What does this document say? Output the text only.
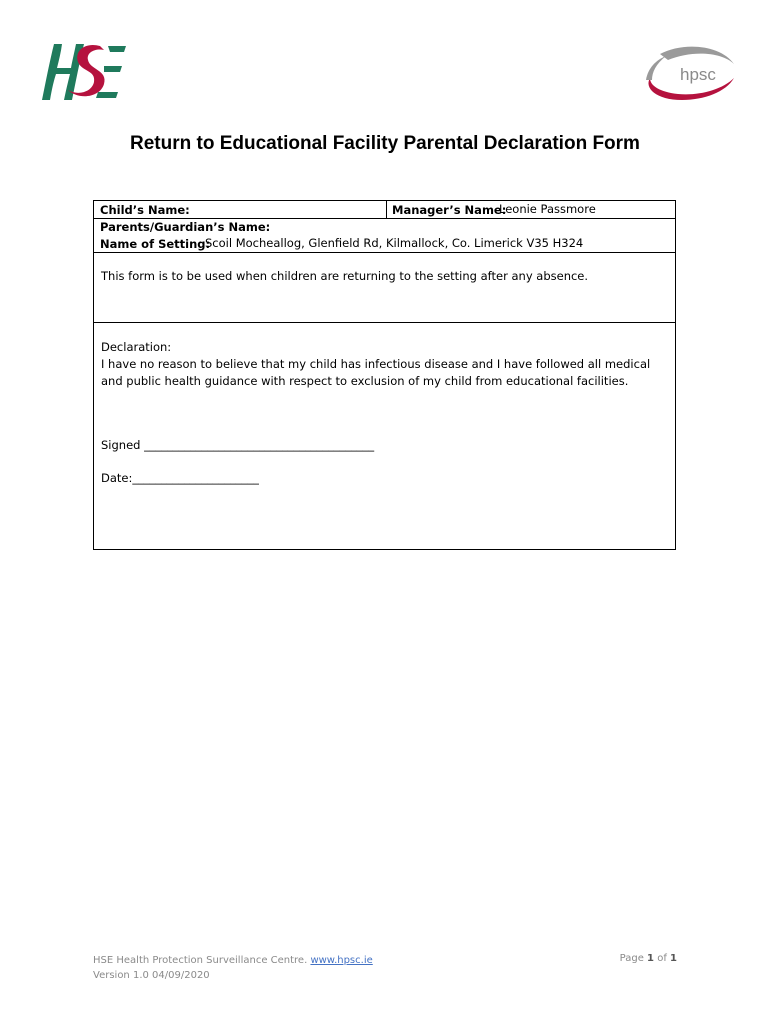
hpsc
Return to Educational Facility Parental Declaration Form
Child’s Name:	Manager’s Name:
Leonie Passmore
Parents/Guardian’s Name:
Name of Setting:
Scoil Mocheallog, Glenfield Rd, Kilmallock, Co. Limerick V35 H324
This form is to be used when children are returning to the setting after any absence.
Declaration:
I have no reason to believe that my child has infectious disease and I have followed all medical
and public health guidance with respect to exclusion of my child from educational facilities.
Signed ________________________________________
Date:______________________
HSE Health Protection Surveillance Centre. www.hpsc.ie
Version 1.0 04/09/2020
Page 1 of 1
